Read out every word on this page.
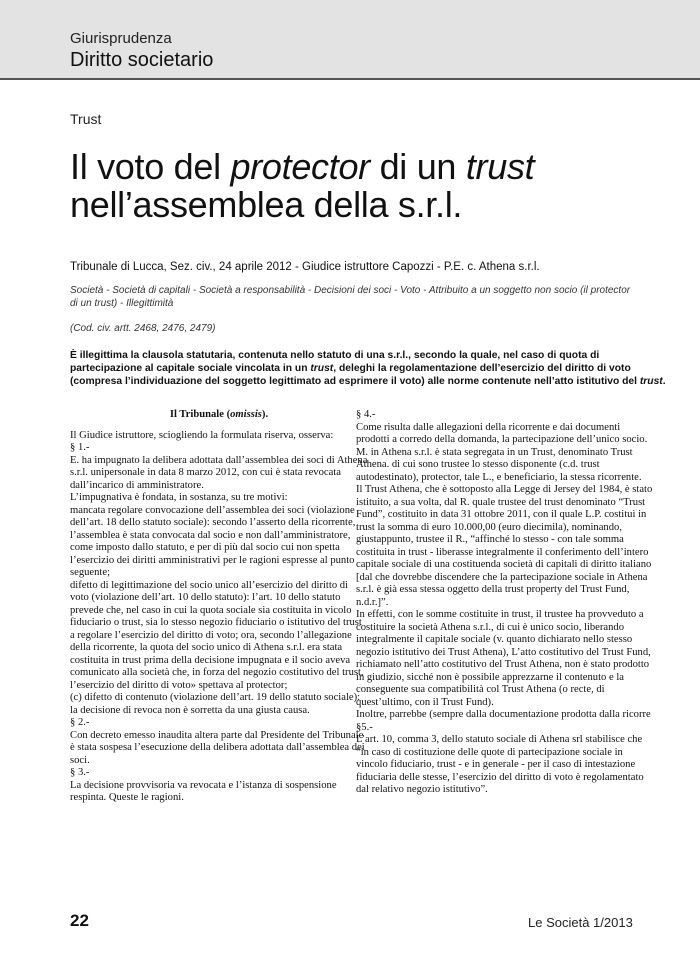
Giurisprudenza
Diritto societario
Trust
Il voto del protector di un trust
nell’assemblea della s.r.l.
Tribunale di Lucca, Sez. civ., 24 aprile 2012 - Giudice istruttore Capozzi - P.E. c. Athena s.r.l.
Società - Società di capitali - Società a responsabilità - Decisioni dei soci - Voto - Attribuito a un soggetto non socio (il protector di un trust) - Illegittimità
(Cod. civ. artt. 2468, 2476, 2479)
È illegittima la clausola statutaria, contenuta nello statuto di una s.r.l., secondo la quale, nel caso di quota di partecipazione al capitale sociale vincolata in un trust, deleghi la regolamentazione dell’esercizio del diritto di voto (compresa l’individuazione del soggetto legittimato ad esprimere il voto) alle norme contenute nell’atto istitutivo del trust.

Il Tribunale (omissis).

Il Giudice istruttore, sciogliendo la formulata riserva, osserva:

§ 1.-

E. ha impugnato la delibera adottata dall’assemblea dei soci di Athena s.r.l. unipersonale in data 8 marzo 2012, con cui è stata revocata dall’incarico di amministratore.

L’impugnativa è fondata, in sostanza, su tre motivi:

mancata regolare convocazione dell’assemblea dei soci (violazione dell’art. 18 dello statuto sociale): secondo l’asserto della ricorrente, l’assemblea è stata convocata dal socio e non dall’amministratore, come imposto dallo statuto, e per di più dal socio cui non spetta l’esercizio dei diritti amministrativi per le ragioni espresse al punto seguente;

difetto di legittimazione del socio unico all’esercizio del diritto di voto (violazione dell’art. 10 dello statuto): l’art. 10 dello statuto prevede che, nel caso in cui la quota sociale sia costituita in vicolo fiduciario o trust, sia lo stesso negozio fiduciario o istitutivo del trust a regolare l’esercizio del diritto di voto; ora, secondo l’allegazione della ricorrente, la quota del socio unico di Athena s.r.l. era stata costituita in trust prima della decisione impugnata e il socio aveva comunicato alla società che, in forza del negozio costitutivo del trust, l’esercizio del diritto di voto» spettava al protector;

(c) difetto di contenuto (violazione dell’art. 19 dello statuto sociale): la decisione di revoca non è sorretta da una giusta causa.

§ 2.-

Con decreto emesso inaudita altera parte dal Presidente del Tribunale è stata sospesa l’esecuzione della delibera adottata dall’assemblea dei soci.

§ 3.-

La decisione provvisoria va revocata e l’istanza di sospensione respinta. Queste le ragioni.

§ 4.-

Come risulta dalle allegazioni della ricorrente e dai documenti prodotti a corredo della domanda, la partecipazione dell’unico socio. M. in Athena s.r.l. è stata segregata in un Trust, denominato Trust Athena. di cui sono trustee lo stesso disponente (c.d. trust autodestinato), protector, tale L., e beneficiario, la stessa ricorrente.

Il Trust Athena, che è sottoposto alla Legge di Jersey del 1984, è stato istituito, a sua volta, dal R. quale trustee del trust denominato “Trust Fund”, costituito in data 31 ottobre 2011, con il quale L.P. costituì in trust la somma di euro 10.000,00 (euro diecimila), nominando, giustappunto, trustee il R., “affinché lo stesso - con tale somma costituita in trust - liberasse integralmente il conferimento dell’intero capitale sociale di una costituenda società di capitali di diritto italiano [dal che dovrebbe discendere che la partecipazione sociale in Athena s.r.l. è già essa stessa oggetto della trust property del Trust Fund, n.d.r.]”.

In effetti, con le somme costituite in trust, il trustee ha provveduto a costituire la società Athena s.r.l., di cui è unico socio, liberando integralmente il capitale sociale (v. quanto dichiarato nello stesso negozio istitutivo dei Trust Athena), L’atto costitutivo del Trust Fund, richiamato nell’atto costitutivo del Trust Athena, non è stato prodotto in giudizio, sicché non è possibile apprezzarne il contenuto e la conseguente sua compatibilità col Trust Athena (o recte, di quest’ultimo, con il Trust Fund).

Inoltre, parrebbe (sempre dalla documentazione prodotta dalla ricorre

§5.-

L’art. 10, comma 3, dello statuto sociale di Athena srl stabilisce che “in caso di costituzione delle quote di partecipazione sociale in vincolo fiduciario, trust - e in generale - per il caso di intestazione fiduciaria delle stesse, l’esercizio del diritto di voto è regolamentato dal relativo negozio istitutivo”.

22	Le Società 1/2013
